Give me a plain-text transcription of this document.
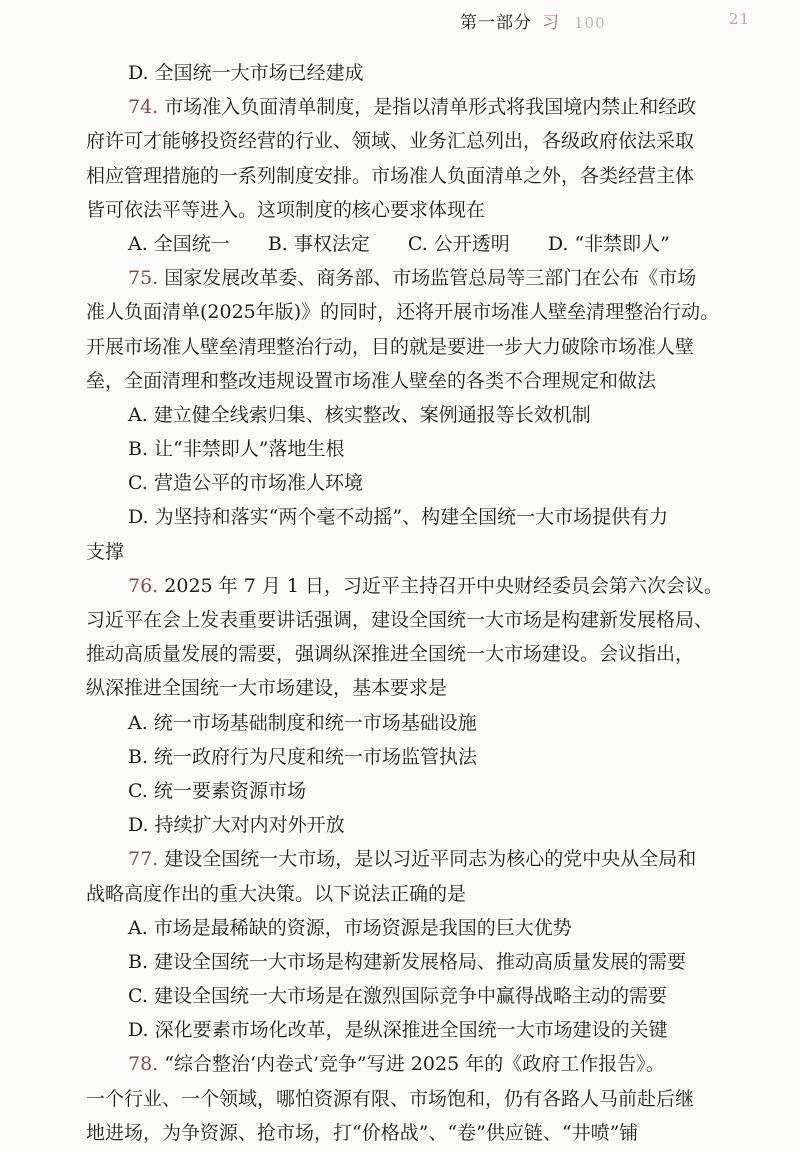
第一部分 习 100	21
D. 全国统一大市场已经建成
74. 市场准入负面清单制度，是指以清单形式将我国境内禁止和经政
府许可才能够投资经营的行业、领域、业务汇总列出，各级政府依法采取
相应管理措施的一系列制度安排。市场准人负面清单之外，各类经营主体
皆可依法平等进入。这项制度的核心要求体现在
A. 全国统一 B. 事权法定 C. 公开透明 D. “非禁即人”
75. 国家发展改革委、商务部、市场监管总局等三部门在公布《市场
准人负面清单(2025年版)》的同时，还将开展市场准人壁垒清理整治行动。
开展市场准人壁垒清理整治行动，目的就是要进一步大力破除市场准人壁
垒，全面清理和整改违规设置市场准人壁垒的各类不合理规定和做法
A. 建立健全线索归集、核实整改、案例通报等长效机制
B. 让“非禁即人”落地生根
C. 营造公平的市场准人环境
D. 为坚持和落实“两个毫不动摇”、构建全国统一大市场提供有力
支撑
76. 2025 年 7 月 1 日，习近平主持召开中央财经委员会第六次会议。
习近平在会上发表重要讲话强调，建设全国统一大市场是构建新发展格局、
推动高质量发展的需要，强调纵深推进全国统一大市场建设。会议指出，
纵深推进全国统一大市场建设，基本要求是
A. 统一市场基础制度和统一市场基础设施
B. 统一政府行为尺度和统一市场监管执法
C. 统一要素资源市场
D. 持续扩大对内对外开放
77. 建设全国统一大市场，是以习近平同志为核心的党中央从全局和
战略高度作出的重大决策。以下说法正确的是
A. 市场是最稀缺的资源，市场资源是我国的巨大优势
B. 建设全国统一大市场是构建新发展格局、推动高质量发展的需要
C. 建设全国统一大市场是在激烈国际竞争中赢得战略主动的需要
D. 深化要素市场化改革，是纵深推进全国统一大市场建设的关键
78. “综合整治‘内卷式’竞争”写进 2025 年的《政府工作报告》。
一个行业、一个领域，哪怕资源有限、市场饱和，仍有各路人马前赴后继
地进场，为争资源、抢市场，打“价格战”、“卷”供应链、“井喷”铺
